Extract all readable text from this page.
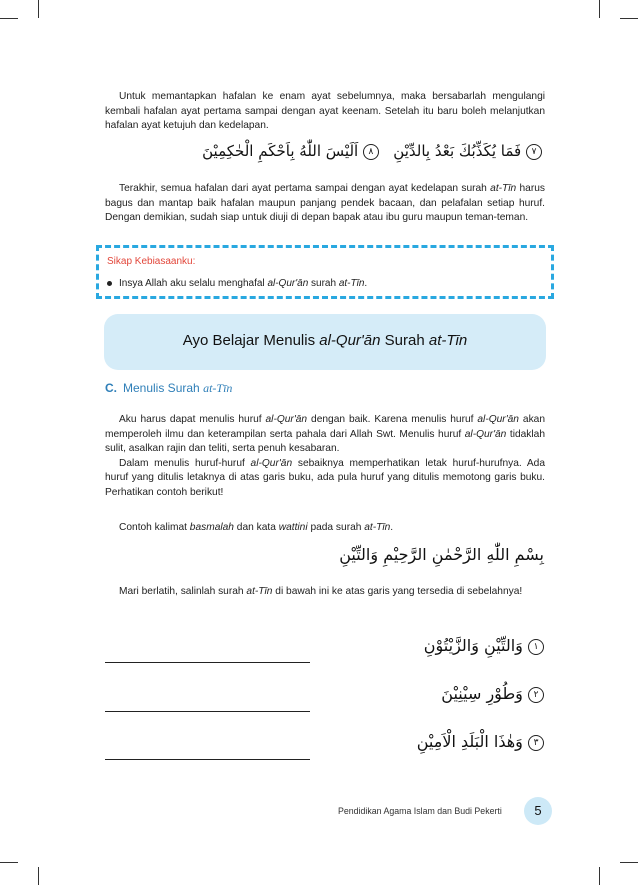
Untuk memantapkan hafalan ke enam ayat sebelumnya, maka bersabarlah mengulangi kembali hafalan ayat pertama sampai dengan ayat keenam. Setelah itu baru boleh melanjutkan hafalan ayat ketujuh dan kedelapan.

٧ فَمَا يُكَذِّبُكَ بَعْدُ بِالدِّيْنِ   ٨ اَلَيْسَ اللّٰهُ بِاَحْكَمِ الْحٰكِمِيْنَ

Terakhir, semua hafalan dari ayat pertama sampai dengan ayat kedelapan surah at-Tīn harus bagus dan mantap baik hafalan maupun panjang pendek bacaan, dan pelafalan setiap huruf. Dengan demikian, sudah siap untuk diuji di depan bapak atau ibu guru maupun teman-teman.

Sikap Kebiasaanku:
Insya Allah aku selalu menghafal al-Qur'ān surah at-Tīn.
Ayo Belajar Menulis al-Qur'ān Surah at-Tīn
C. Menulis Surah at-Tīn

Aku harus dapat menulis huruf al-Qur'ān dengan baik. Karena menulis huruf al-Qur'ān akan memperoleh ilmu dan keterampilan serta pahala dari Allah Swt. Menulis huruf al-Qur'ān tidaklah sulit, asalkan rajin dan teliti, serta penuh kesabaran.

Dalam menulis huruf-huruf al-Qur'ān sebaiknya memperhatikan letak huruf-hurufnya. Ada huruf yang ditulis letaknya di atas garis buku, ada pula huruf yang ditulis memotong garis buku. Perhatikan contoh berikut!

Contoh kalimat basmalah dan kata wattini pada surah at-Tīn.

بِسْمِ اللّٰهِ الرَّحْمٰنِ الرَّحِيْمِ وَالتِّيْنِ

Mari berlatih, salinlah surah at-Tīn di bawah ini ke atas garis yang tersedia di sebelahnya!

١ وَالتِّيْنِ وَالزَّيْتُوْنِ
٢ وَطُوْرِ سِيْنِيْنَ
٣ وَهٰذَا الْبَلَدِ الْاَمِيْنِ
Pendidikan Agama Islam dan Budi Pekerti	5
